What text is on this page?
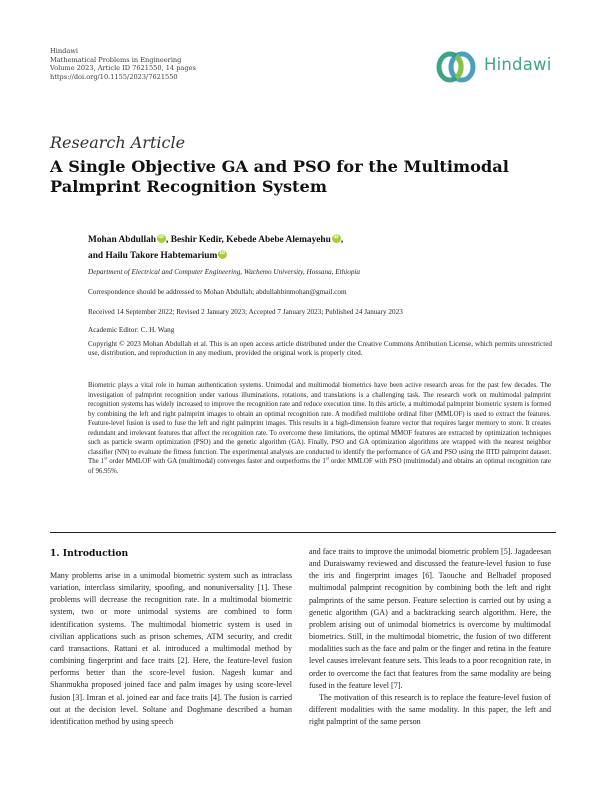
Hindawi
Mathematical Problems in Engineering
Volume 2023, Article ID 7621550, 14 pages
https://doi.org/10.1155/2023/7621550
Hindawi
Research Article
A Single Objective GA and PSO for the Multimodal Palmprint Recognition System
Mohan Abdullah iD , Beshir Kedir, Kebede Abebe Alemayehu iD ,
and Hailu Takore HabtemariumiD
Department of Electrical and Computer Engineering, Wachemo University, Hossana, Ethiopia
Correspondence should be addressed to Mohan Abdullah; abdullahbinmohan@gmail.com
Received 14 September 2022; Revised 2 January 2023; Accepted 7 January 2023; Published 24 January 2023
Academic Editor: C. H. Wang
Copyright © 2023 Mohan Abdullah et al. This is an open access article distributed under the Creative Commons Attribution License, which permits unrestricted use, distribution, and reproduction in any medium, provided the original work is properly cited.
Biometric plays a vital role in human authentication systems. Unimodal and multimodal biometrics have been active research areas for the past few decades. The investigation of palmprint recognition under various illuminations, rotations, and translations is a challenging task. The research work on multimodal palmprint recognition systems has widely increased to improve the recognition rate and reduce execution time. In this article, a multimodal palmprint biometric system is formed by combining the left and right palmprint images to obtain an optimal recognition rate. A modified multilobe ordinal filter (MMLOF) is used to extract the features. Feature-level fusion is used to fuse the left and right palmprint images. This results in a high-dimension feature vector that requires larger memory to store. It creates redundant and irrelevant features that affect the recognition rate. To overcome these limitations, the optimal MMOF features are extracted by optimization techniques such as particle swarm optimization (PSO) and the genetic algorithm (GA). Finally, PSO and GA optimization algorithms are wrapped with the nearest neighbor classifier (NN) to evaluate the fitness function. The experimental analyses are conducted to identify the performance of GA and PSO using the IITD palmprint dataset. The 1st order MMLOF with GA (multimodal) converges faster and outperforms the 1st order MMLOF with PSO (multimodal) and obtains an optimal recognition rate of 96.95%.
1. Introduction

Many problems arise in a unimodal biometric system such as intraclass variation, interclass similarity, spoofing, and nonuniversality [1]. These problems will decrease the recognition rate. In a multimodal biometric system, two or more unimodal systems are combined to form identification systems. The multimodal biometric system is used in civilian applications such as prison schemes, ATM security, and credit card transactions. Rattani et al. introduced a multimodal method by combining fingerprint and face traits [2]. Here, the feature-level fusion performs better than the score-level fusion. Nagesh kumar and Shanmukha proposed joined face and palm images by using score-level fusion [3]. Imran et al. joined ear and face traits [4]. The fusion is carried out at the decision level. Soltane and Doghmane described a human identification method by using speech

and face traits to improve the unimodal biometric problem [5]. Jagadeesan and Duraiswamy reviewed and discussed the feature-level fusion to fuse the iris and fingerprint images [6]. Taouche and Belhadef proposed multimodal palmprint recognition by combining both the left and right palmprints of the same person. Feature selection is carried out by using a genetic algorithm (GA) and a backtracking search algorithm. Here, the problem arising out of unimodal biometrics is overcome by multimodal biometrics. Still, in the multimodal biometric, the fusion of two different modalities such as the face and palm or the finger and retina in the feature level causes irrelevant feature sets. This leads to a poor recognition rate, in order to overcome the fact that features from the same modality are being fused in the feature level [7].

The motivation of this research is to replace the feature-level fusion of different modalities with the same modality. In this paper, the left and right palmprint of the same person
